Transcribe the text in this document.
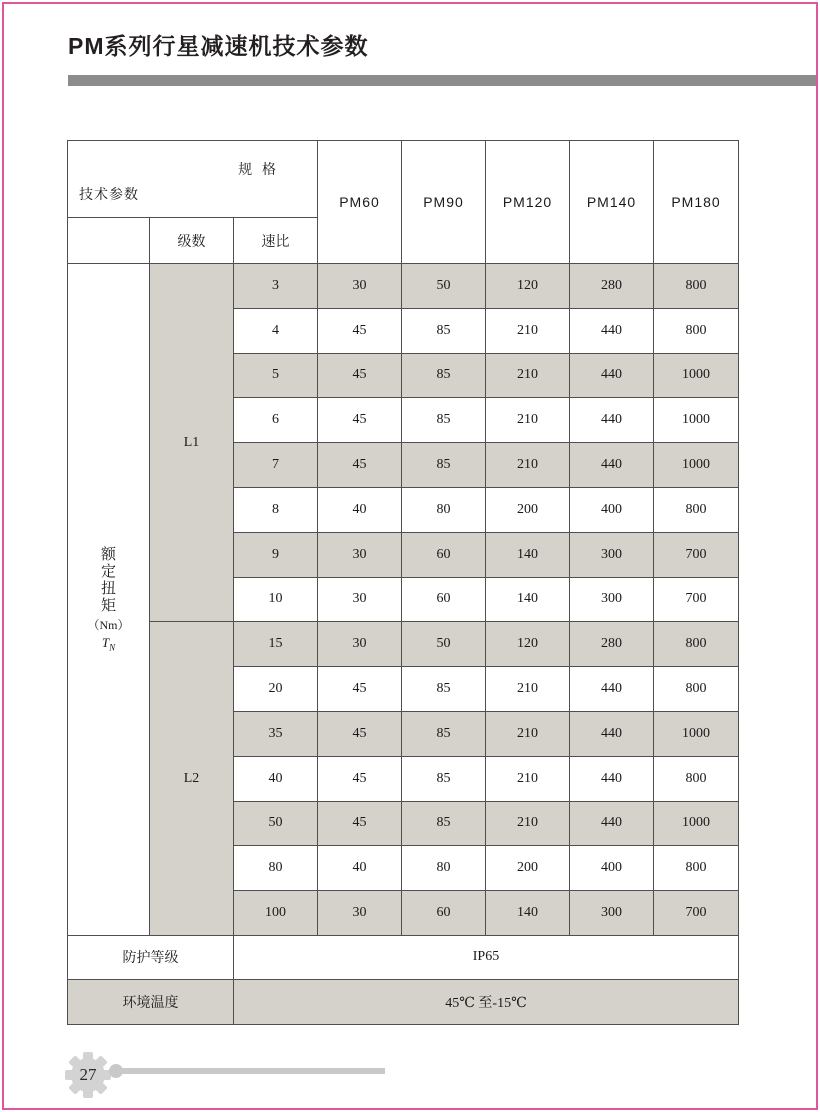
PM系列行星减速机技术参数
规 格
技术参数			PM60	PM90	PM120	PM140	PM180
	级数	速比					

额
定
扭
矩
（Nm）
$T_N$
	L1	3	30	50	120	280	800
		4	45	85	210	440	800
		5	45	85	210	440	1000
		6	45	85	210	440	1000
		7	45	85	210	440	1000
		8	40	80	200	400	800
		9	30	60	140	300	700
		10	30	60	140	300	700
	L2	15	30	50	120	280	800
		20	45	85	210	440	800
		35	45	85	210	440	1000
		40	45	85	210	440	800
		50	45	85	210	440	1000
		80	40	80	200	400	800
		100	30	60	140	300	700
防护等级		IP65					
环境温度		45℃ 至-15℃					
27
